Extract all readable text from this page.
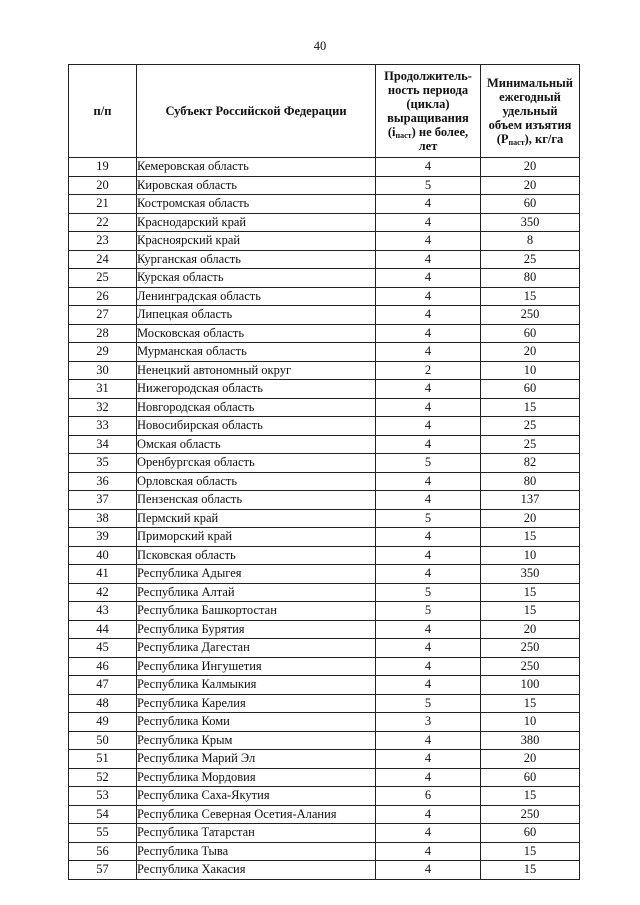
40
п/п	Субъект Российской Федерации	Продолжитель-ность периода (цикла) выращивания $(i_{паст})$ не более, лет	Минимальный ежегодный удельный объем изъятия $(P_{паст})$, кг/га
19	Кемеровская область	4	20
20	Кировская область	5	20
21	Костромская область	4	60
22	Краснодарский край	4	350
23	Красноярский край	4	8
24	Курганская область	4	25
25	Курская область	4	80
26	Ленинградская область	4	15
27	Липецкая область	4	250
28	Московская область	4	60
29	Мурманская область	4	20
30	Ненецкий автономный округ	2	10
31	Нижегородская область	4	60
32	Новгородская область	4	15
33	Новосибирская область	4	25
34	Омская область	4	25
35	Оренбургская область	5	82
36	Орловская область	4	80
37	Пензенская область	4	137
38	Пермский край	5	20
39	Приморский край	4	15
40	Псковская область	4	10
41	Республика Адыгея	4	350
42	Республика Алтай	5	15
43	Республика Башкортостан	5	15
44	Республика Бурятия	4	20
45	Республика Дагестан	4	250
46	Республика Ингушетия	4	250
47	Республика Калмыкия	4	100
48	Республика Карелия	5	15
49	Республика Коми	3	10
50	Республика Крым	4	380
51	Республика Марий Эл	4	20
52	Республика Мордовия	4	60
53	Республика Саха-Якутия	6	15
54	Республика Северная Осетия-Алания	4	250
55	Республика Татарстан	4	60
56	Республика Тыва	4	15
57	Республика Хакасия	4	15
